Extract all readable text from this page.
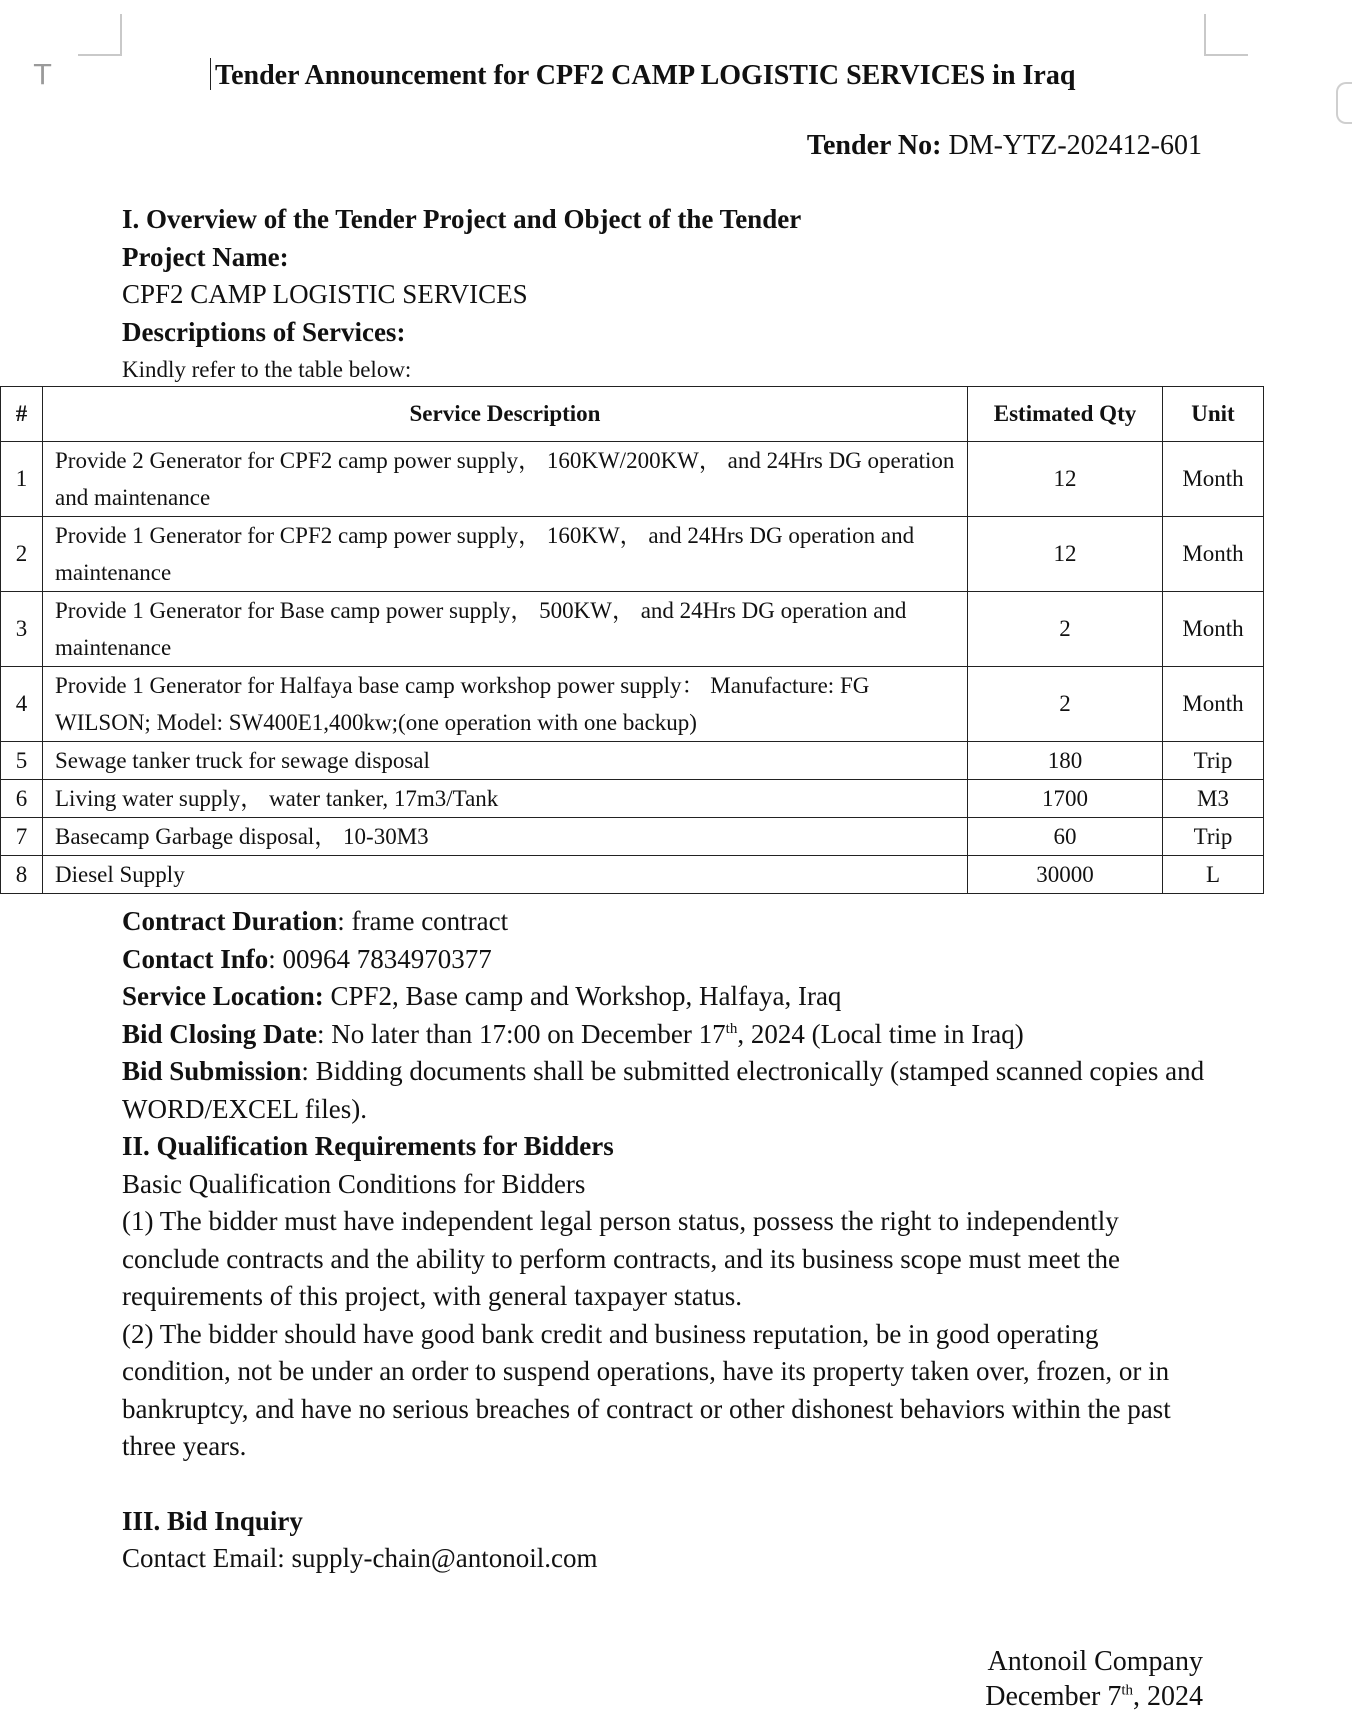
T	Tender Announcement for CPF2 CAMP LOGISTIC SERVICES in Iraq
Tender No: DM-YTZ-202412-601
I. Overview of the Tender Project and Object of the Tender
Project Name:
CPF2 CAMP LOGISTIC SERVICES
Descriptions of Services:
Kindly refer to the table below:
#	Service Description	Estimated Qty	Unit
1	Provide 2 Generator for CPF2 camp power supply， 160KW/200KW， and 24Hrs DG operation and maintenance	12	Month
2	Provide 1 Generator for CPF2 camp power supply， 160KW， and 24Hrs DG operation and maintenance	12	Month
3	Provide 1 Generator for Base camp power supply， 500KW， and 24Hrs DG operation and maintenance	2	Month
4	Provide 1 Generator for Halfaya base camp workshop power supply： Manufacture: FG WILSON; Model: SW400E1,400kw;(one operation with one backup)	2	Month
5	Sewage tanker truck for sewage disposal	180	Trip
6	Living water supply， water tanker, 17m3/Tank	1700	M3
7	Basecamp Garbage disposal， 10-30M3	60	Trip
8	Diesel Supply	30000	L
Contract Duration: frame contract
Contact Info: 00964 7834970377
Service Location: CPF2, Base camp and Workshop, Halfaya, Iraq
Bid Closing Date: No later than 17:00 on December 17th, 2024 (Local time in Iraq)
Bid Submission: Bidding documents shall be submitted electronically (stamped scanned copies and WORD/EXCEL files).
II. Qualification Requirements for Bidders
Basic Qualification Conditions for Bidders
(1) The bidder must have independent legal person status, possess the right to independently conclude contracts and the ability to perform contracts, and its business scope must meet the requirements of this project, with general taxpayer status.
(2) The bidder should have good bank credit and business reputation, be in good operating condition, not be under an order to suspend operations, have its property taken over, frozen, or in bankruptcy, and have no serious breaches of contract or other dishonest behaviors within the past three years.
III. Bid Inquiry
Contact Email: supply-chain@antonoil.com
Antonoil Company
December 7th, 2024
